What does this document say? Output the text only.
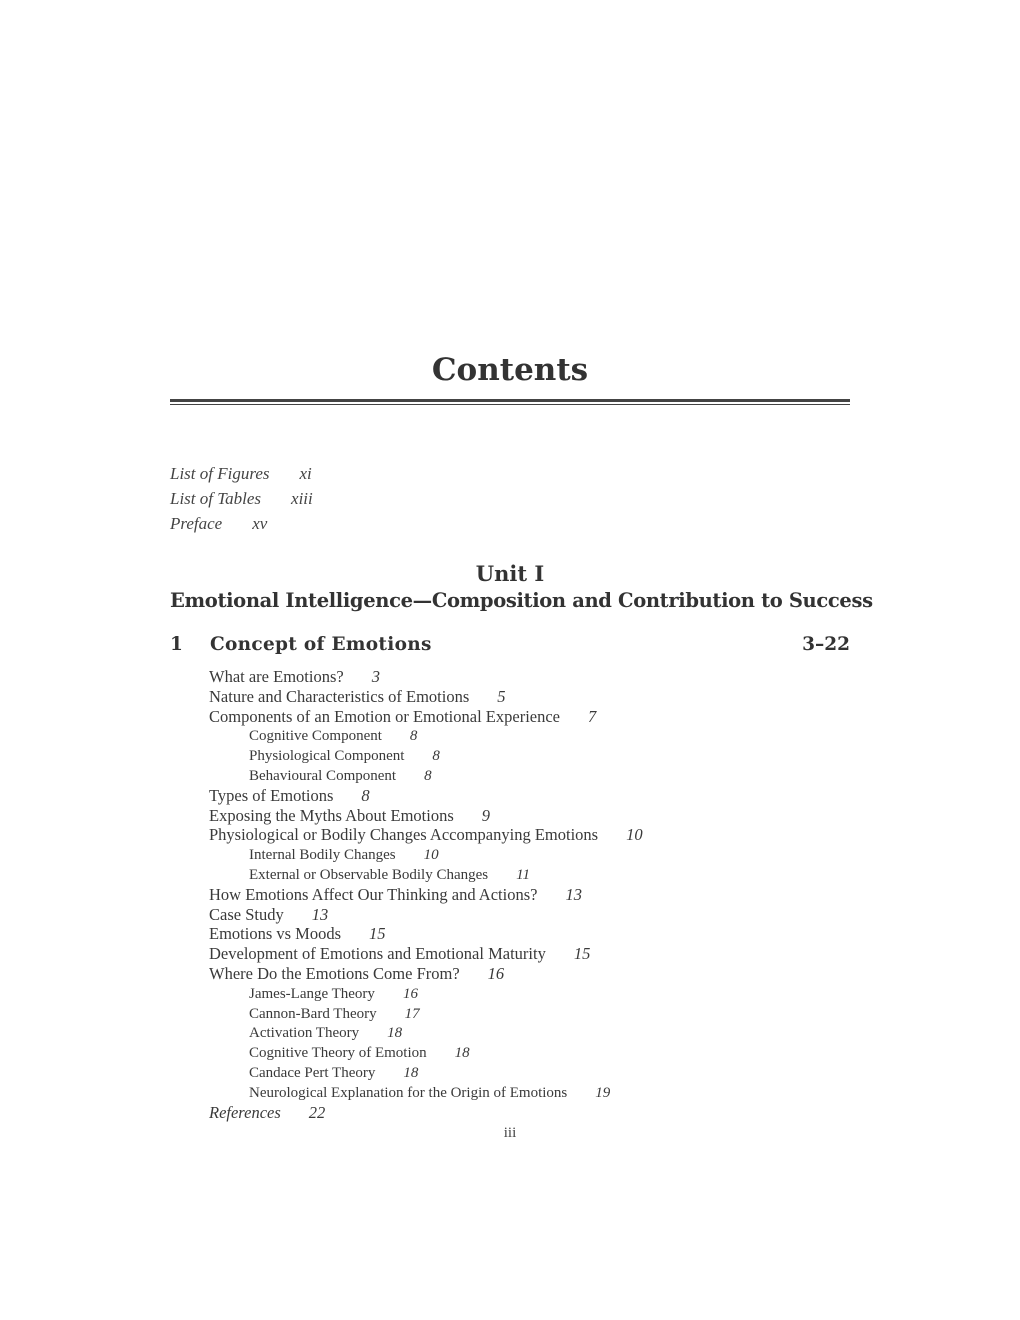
Contents
List of Figures xi
List of Tables xiii
Preface xv
Unit I
Emotional Intelligence—Composition and Contribution to Success
1 Concept of Emotions	3–22
What are Emotions? 3
Nature and Characteristics of Emotions 5
Components of an Emotion or Emotional Experience 7
Cognitive Component 8
Physiological Component 8
Behavioural Component 8
Types of Emotions 8
Exposing the Myths About Emotions 9
Physiological or Bodily Changes Accompanying Emotions 10
Internal Bodily Changes 10
External or Observable Bodily Changes 11
How Emotions Affect Our Thinking and Actions? 13
Case Study 13
Emotions vs Moods 15
Development of Emotions and Emotional Maturity 15
Where Do the Emotions Come From? 16
James-Lange Theory 16
Cannon-Bard Theory 17
Activation Theory 18
Cognitive Theory of Emotion 18
Candace Pert Theory 18
Neurological Explanation for the Origin of Emotions 19
References 22
iii
